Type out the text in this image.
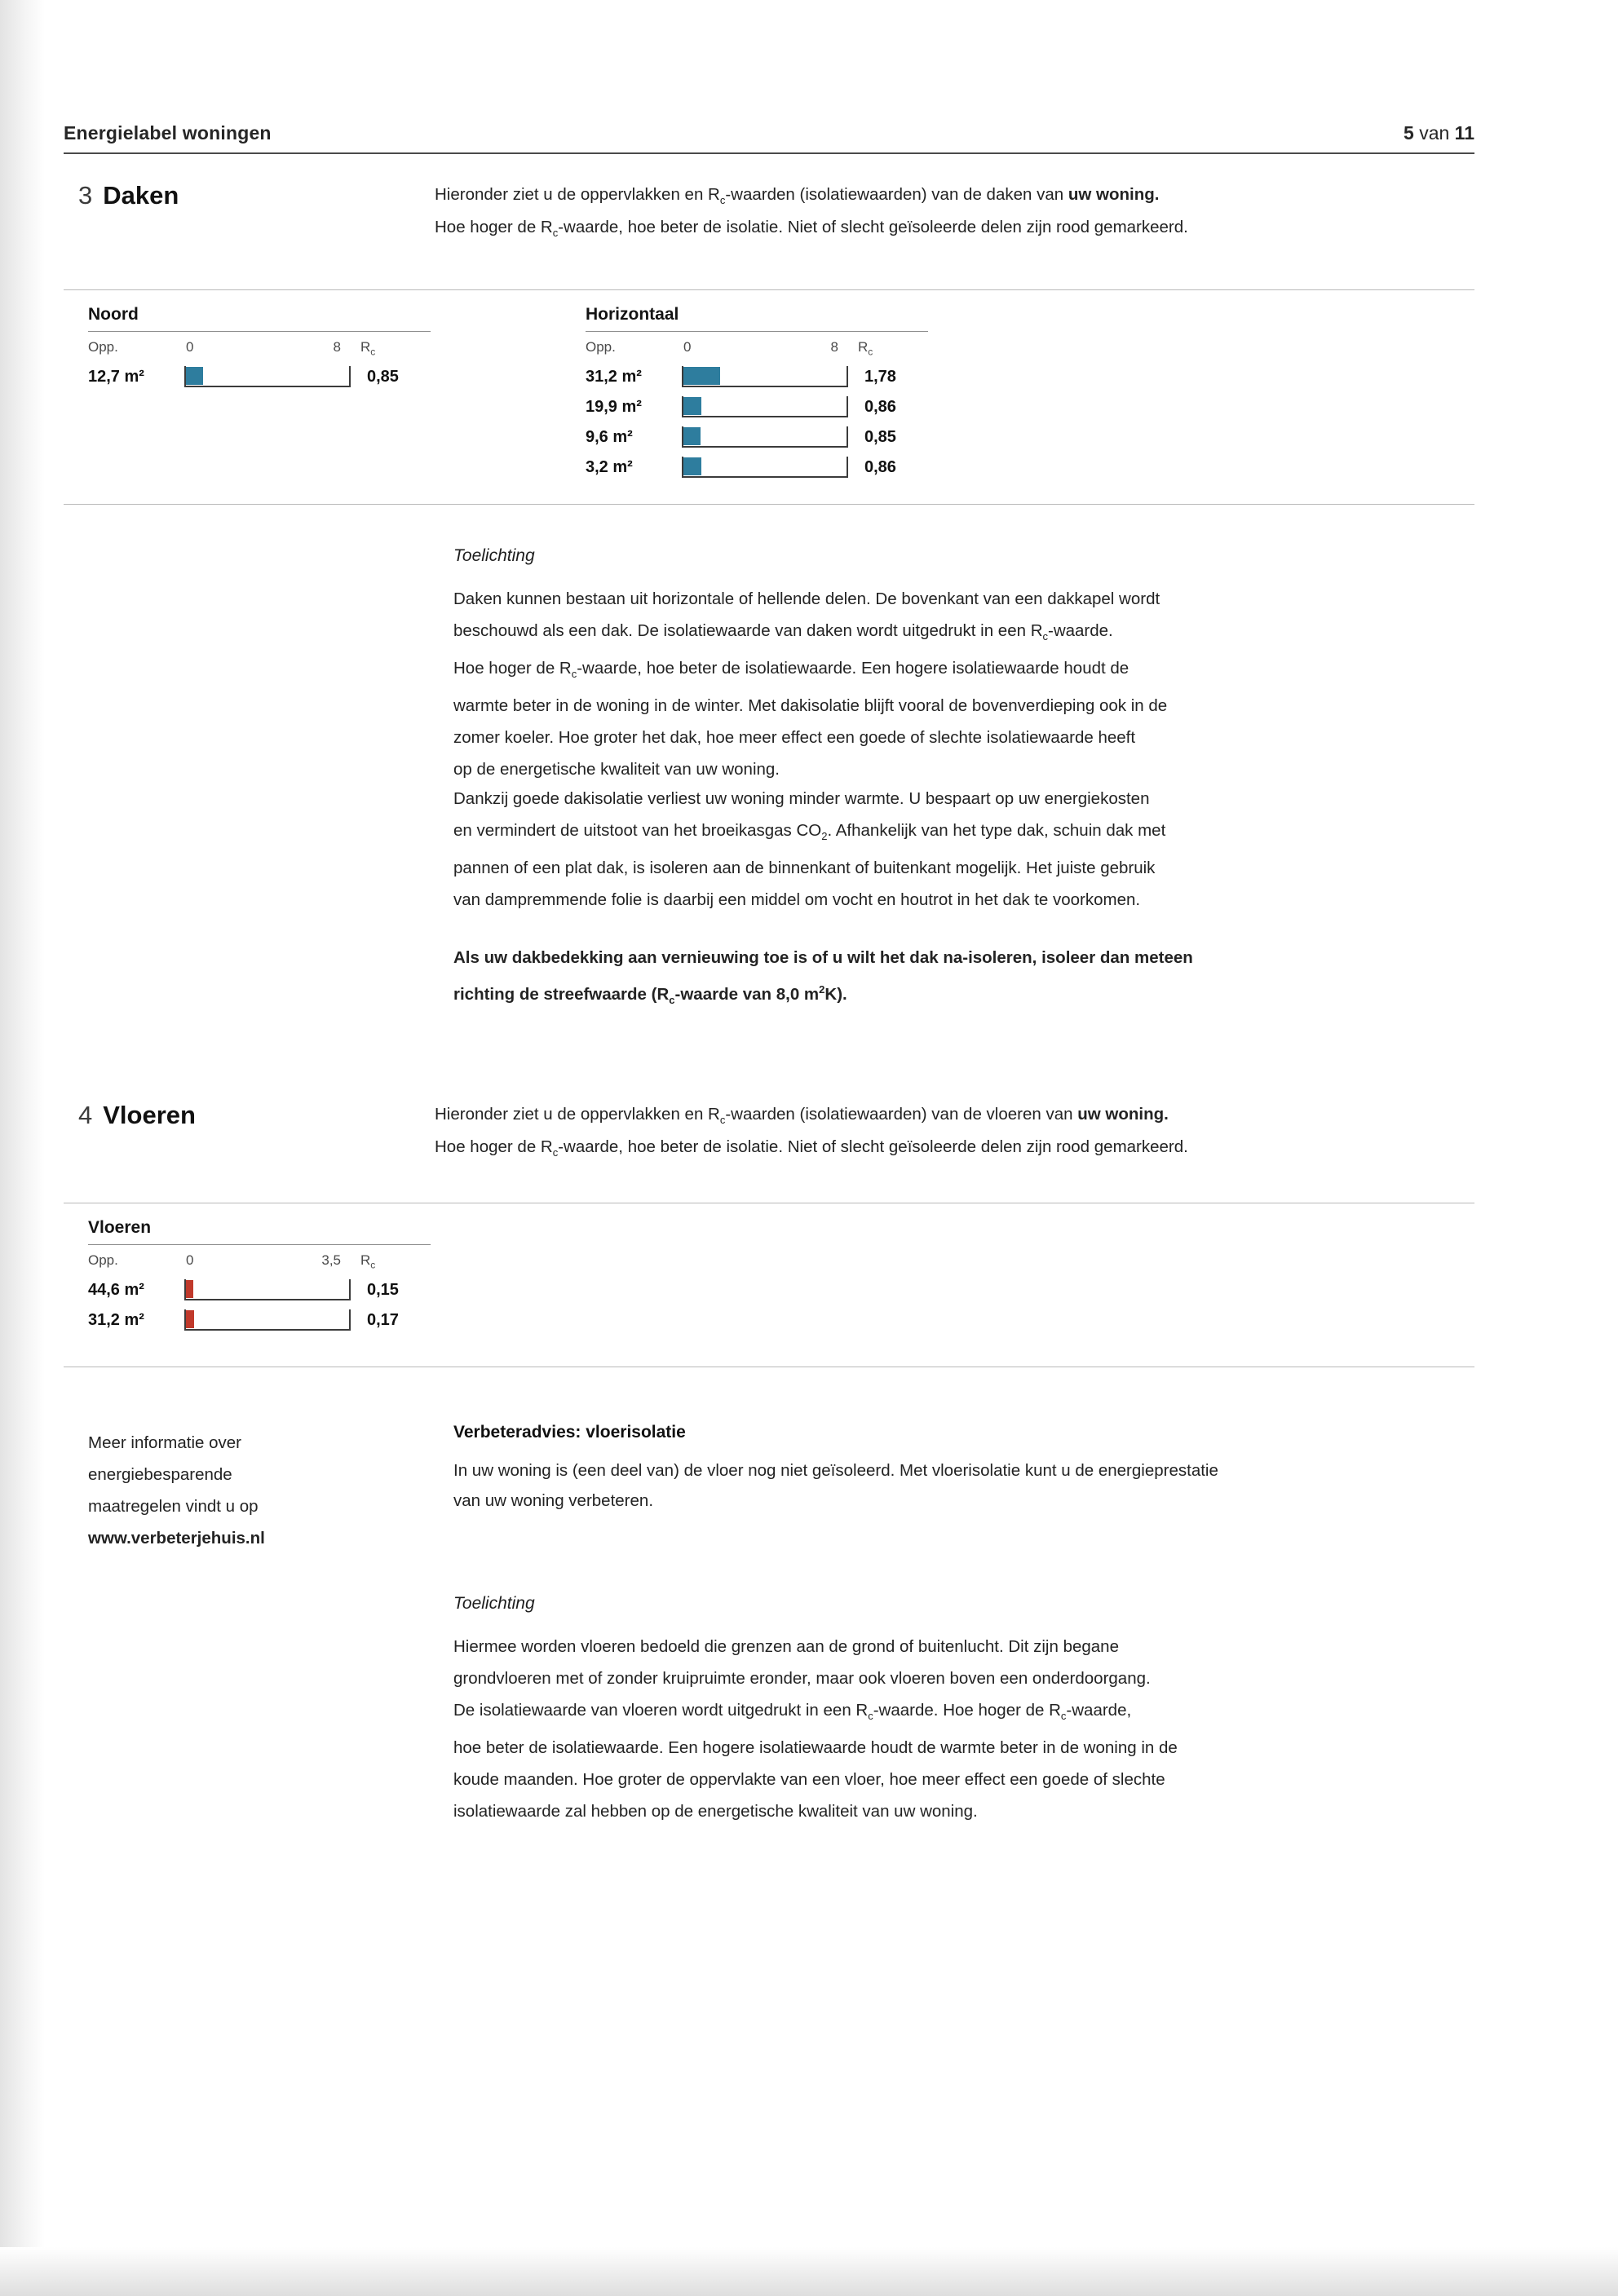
Energielabel woningen	5 van 11
3 Daken	Hieronder ziet u de oppervlakken en $R_c$-waarden (isolatiewaarden) van de daken van uw woning.
Hoe hoger de $R_c$-waarde, hoe beter de isolatie. Niet of slecht geïsoleerde delen zijn rood gemarkeerd.
Noord
Opp.	0	8	$R_c$
12,7 m²	0,85
Horizontaal
Opp.	0	8	$R_c$
31,2 m²	1,78
19,9 m²	0,86
9,6 m²	0,85
3,2 m²	0,86
Toelichting
Daken kunnen bestaan uit horizontale of hellende delen. De bovenkant van een dakkapel wordt
beschouwd als een dak. De isolatiewaarde van daken wordt uitgedrukt in een $R_c$-waarde.
Hoe hoger de $R_c$-waarde, hoe beter de isolatiewaarde. Een hogere isolatiewaarde houdt de
warmte beter in de woning in de winter. Met dakisolatie blijft vooral de bovenverdieping ook in de
zomer koeler. Hoe groter het dak, hoe meer effect een goede of slechte isolatiewaarde heeft
op de energetische kwaliteit van uw woning.
Dankzij goede dakisolatie verliest uw woning minder warmte. U bespaart op uw energiekosten
en vermindert de uitstoot van het broeikasgas $CO_2$. Afhankelijk van het type dak, schuin dak met
pannen of een plat dak, is isoleren aan de binnenkant of buitenkant mogelijk. Het juiste gebruik
van dampremmende folie is daarbij een middel om vocht en houtrot in het dak te voorkomen.
Als uw dakbedekking aan vernieuwing toe is of u wilt het dak na-isoleren, isoleer dan meteen
richting de streefwaarde ($R_c$-waarde van 8,0 $m^2K$).
4 Vloeren	Hieronder ziet u de oppervlakken en $R_c$-waarden (isolatiewaarden) van de vloeren van uw woning.
Hoe hoger de $R_c$-waarde, hoe beter de isolatie. Niet of slecht geïsoleerde delen zijn rood gemarkeerd.
Vloeren
Opp.	0	3,5	$R_c$
44,6 m²	0,15
31,2 m²	0,17
Verbeteradvies: vloerisolatie
In uw woning is (een deel van) de vloer nog niet geïsoleerd. Met vloerisolatie kunt u de energieprestatie
van uw woning verbeteren.
Meer informatie over
energiebesparende
maatregelen vindt u op
www.verbeterjehuis.nl
Toelichting
Hiermee worden vloeren bedoeld die grenzen aan de grond of buitenlucht. Dit zijn begane
grondvloeren met of zonder kruipruimte eronder, maar ook vloeren boven een onderdoorgang.
De isolatiewaarde van vloeren wordt uitgedrukt in een $R_c$-waarde. Hoe hoger de $R_c$-waarde,
hoe beter de isolatiewaarde. Een hogere isolatiewaarde houdt de warmte beter in de woning in de
koude maanden. Hoe groter de oppervlakte van een vloer, hoe meer effect een goede of slechte
isolatiewaarde zal hebben op de energetische kwaliteit van uw woning.
